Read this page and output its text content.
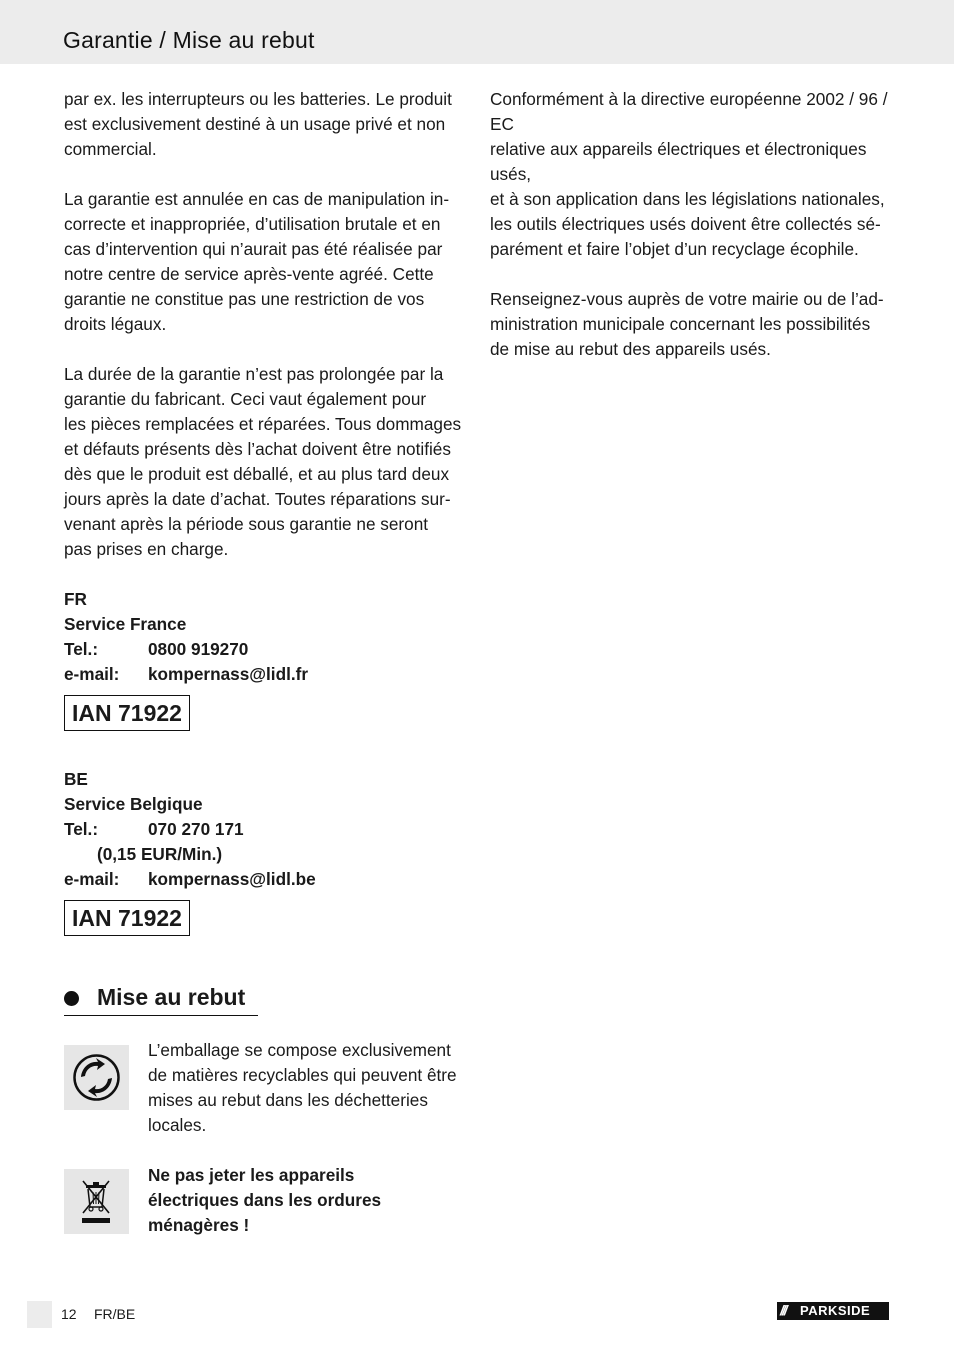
Garantie / Mise au rebut

par ex. les interrupteurs ou les batteries. Le produit
est exclusivement destiné à un usage privé et non
commercial.

La garantie est annulée en cas de manipulation in-
correcte et inappropriée, d’utilisation brutale et en
cas d’intervention qui n’aurait pas été réalisée par
notre centre de service après-vente agréé. Cette
garantie ne constitue pas une restriction de vos
droits légaux.

La durée de la garantie n’est pas prolongée par la
garantie du fabricant. Ceci vaut également pour
les pièces remplacées et réparées. Tous dommages
et défauts présents dès l’achat doivent être notifiés
dès que le produit est déballé, et au plus tard deux
jours après la date d’achat. Toutes réparations sur-
venant après la période sous garantie ne seront
pas prises en charge.

FR
Service France
Tel.:	0800 919270
e-mail: kompernass@lidl.fr
IAN 71922
BE
Service Belgique
Tel.:	070 270 171
(0,15 EUR/Min.)
e-mail: kompernass@lidl.be
IAN 71922
Mise au rebut
L’emballage se compose exclusivement
de matières recyclables qui peuvent être
mises au rebut dans les déchetteries
locales.
Ne pas jeter les appareils
électriques dans les ordures
ménagères !

Conformément à la directive européenne 2002 / 96 / EC
relative aux appareils électriques et électroniques usés,
et à son application dans les législations nationales,
les outils électriques usés doivent être collectés sé-
parément et faire l’objet d’un recyclage écophile.

Renseignez-vous auprès de votre mairie ou de l’ad-
ministration municipale concernant les possibilités
de mise au rebut des appareils usés.

12 FR/BE	/// PARKSIDE
